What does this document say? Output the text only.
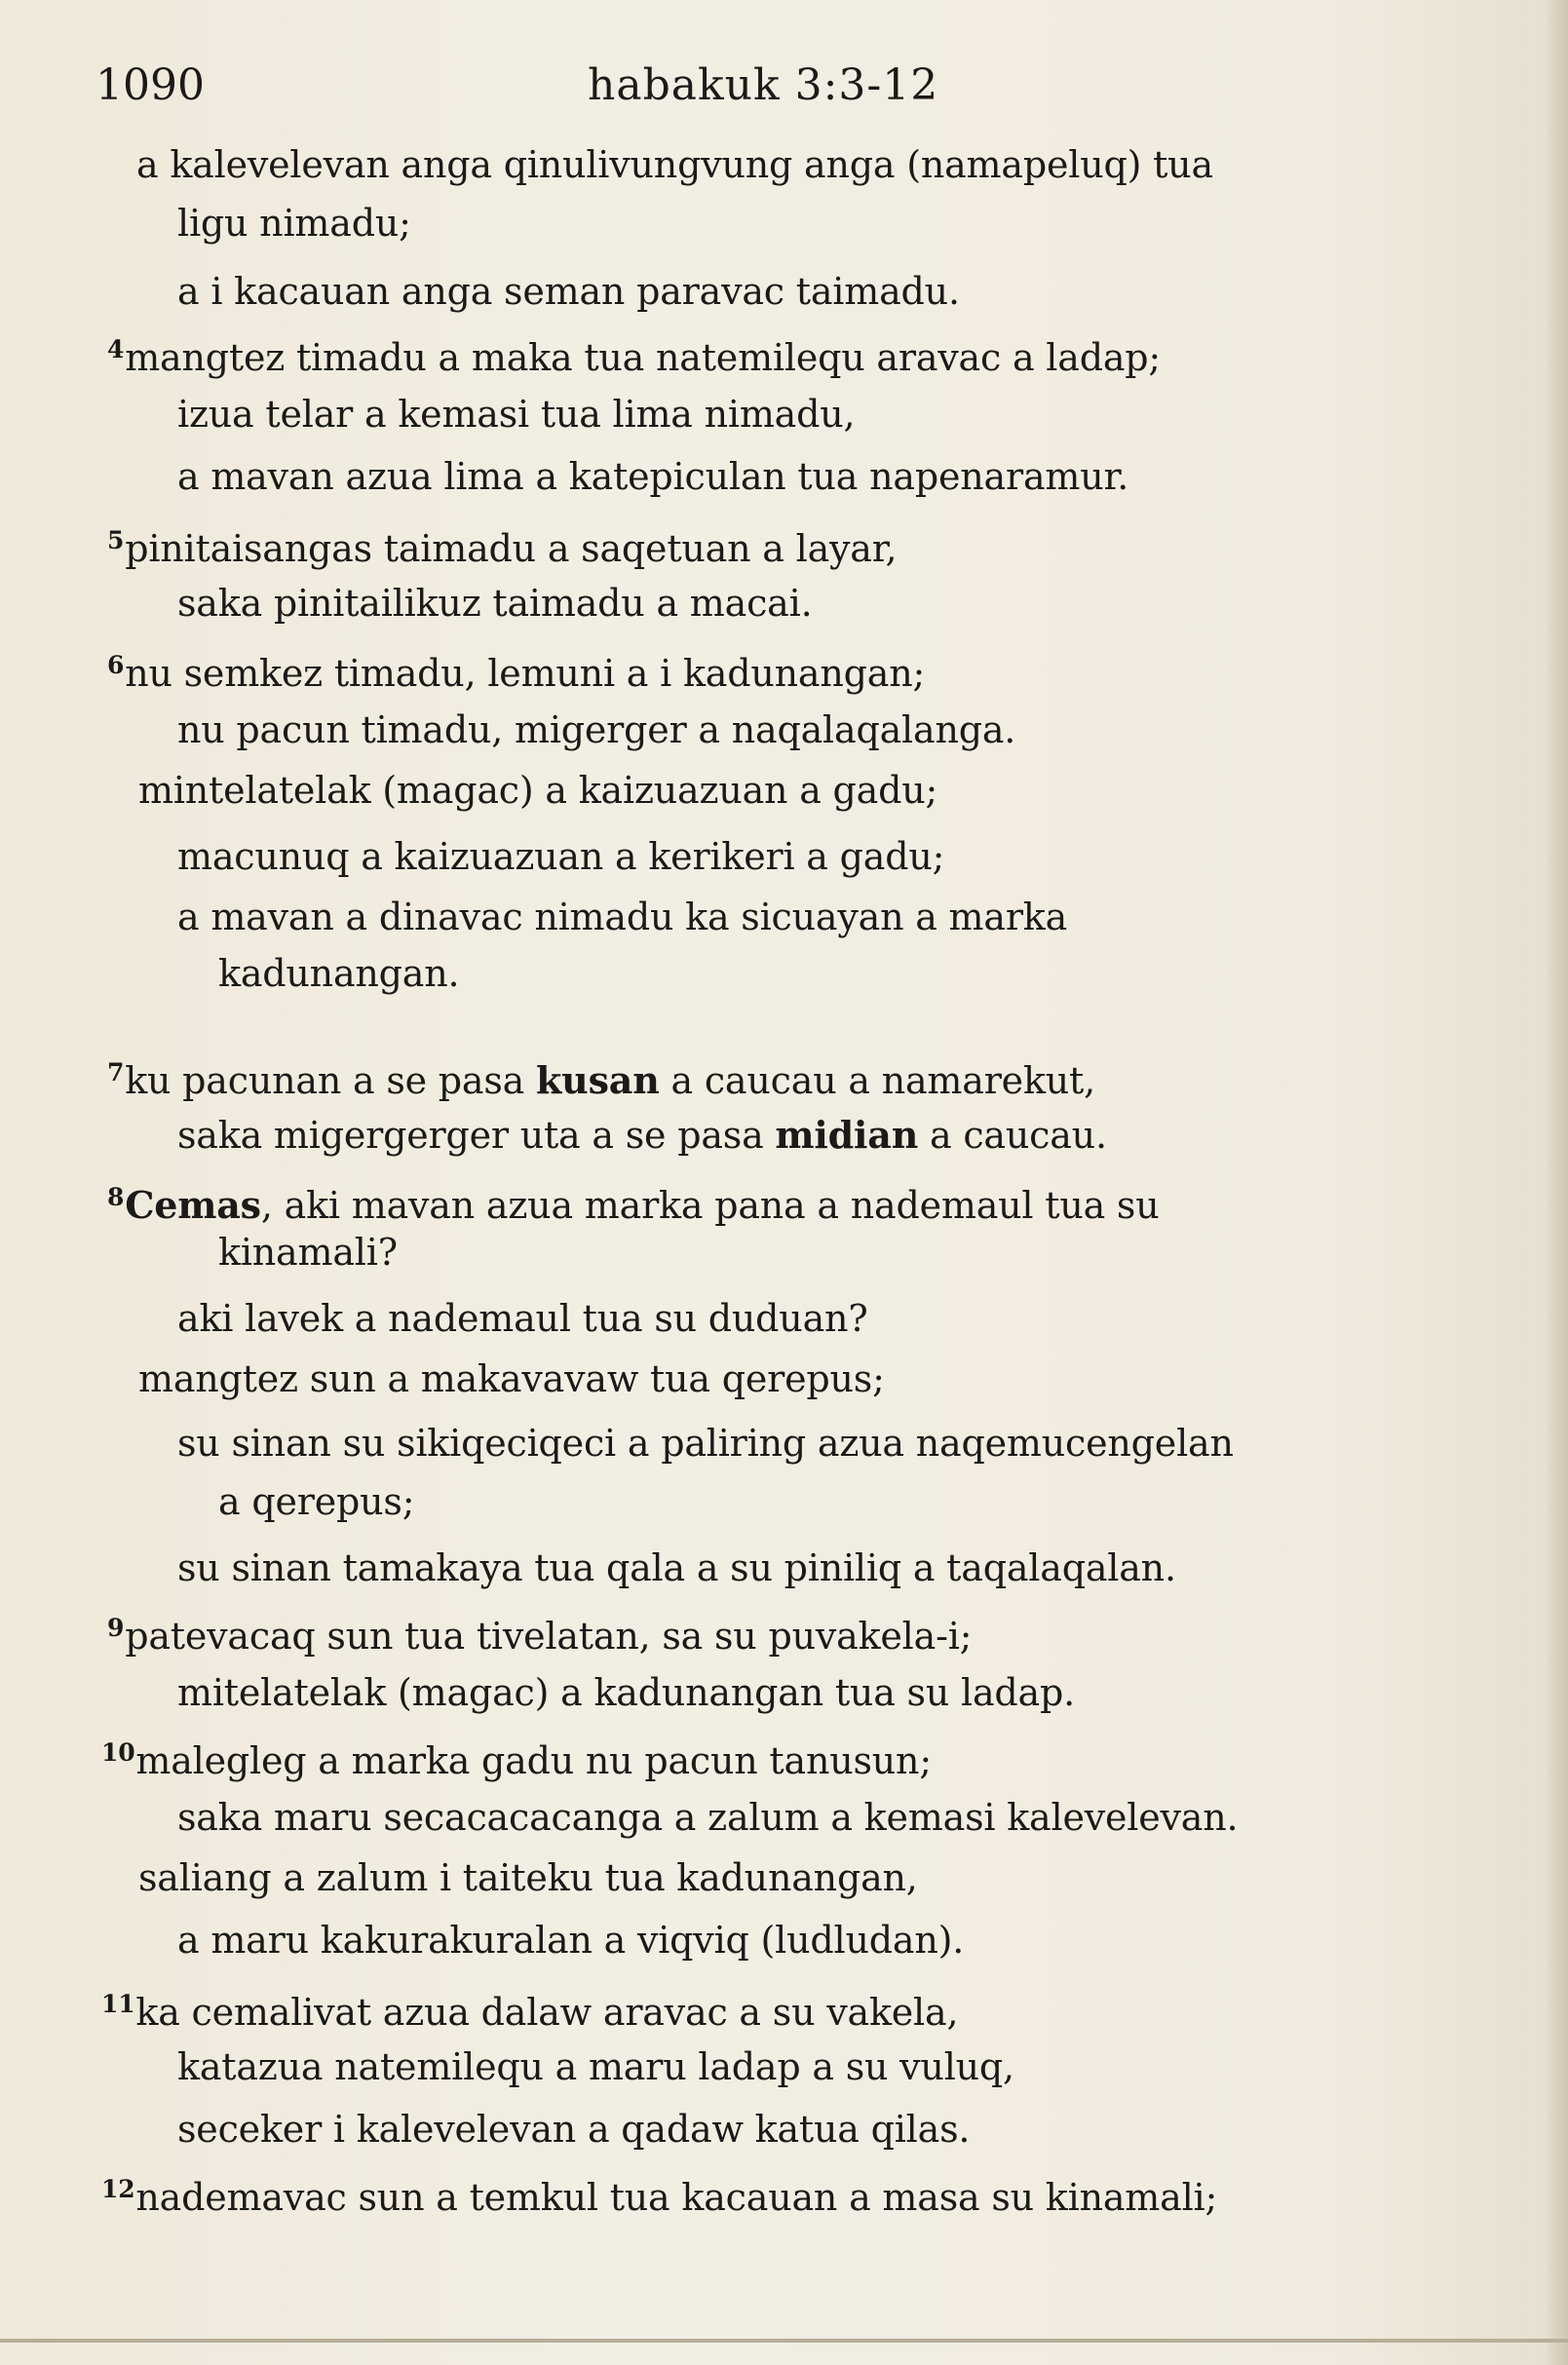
1090	habakuk 3:3-12
a kalevelevan anga qinulivungvung anga (namapeluq) tua
ligu nimadu;
a i kacauan anga seman paravac taimadu.
$^4$mangtez timadu a maka tua natemilequ aravac a ladap;
izua telar a kemasi tua lima nimadu,
a mavan azua lima a katepiculan tua napenaramur.
$^5$pinitaisangas taimadu a saqetuan a layar,
saka pinitailikuz taimadu a macai.
$^6$nu semkez timadu, lemuni a i kadunangan;
nu pacun timadu, migerger a naqalaqalanga.
mintelatelak (magac) a kaizuazuan a gadu;
macunuq a kaizuazuan a kerikeri a gadu;
a mavan a dinavac nimadu ka sicuayan a marka
kadunangan.
$^7$ku pacunan a se pasa kusan a caucau a namarekut,
saka migergerger uta a se pasa midian a caucau.
$^8$Cemas, aki mavan azua marka pana a nademaul tua su
kinamali?
aki lavek a nademaul tua su duduan?
mangtez sun a makavavaw tua qerepus;
su sinan su sikiqeciqeci a paliring azua naqemucengelan
a qerepus;
su sinan tamakaya tua qala a su piniliq a taqalaqalan.
$^9$patevacaq sun tua tivelatan, sa su puvakela-i;
mitelatelak (magac) a kadunangan tua su ladap.
$^{10}$malegleg a marka gadu nu pacun tanusun;
saka maru secacacacanga a zalum a kemasi kalevelevan.
saliang a zalum i taiteku tua kadunangan,
a maru kakurakuralan a viqviq (ludludan).
$^{11}$ka cemalivat azua dalaw aravac a su vakela,
katazua natemilequ a maru ladap a su vuluq,
seceker i kalevelevan a qadaw katua qilas.
$^{12}$nademavac sun a temkul tua kacauan a masa su kinamali;
